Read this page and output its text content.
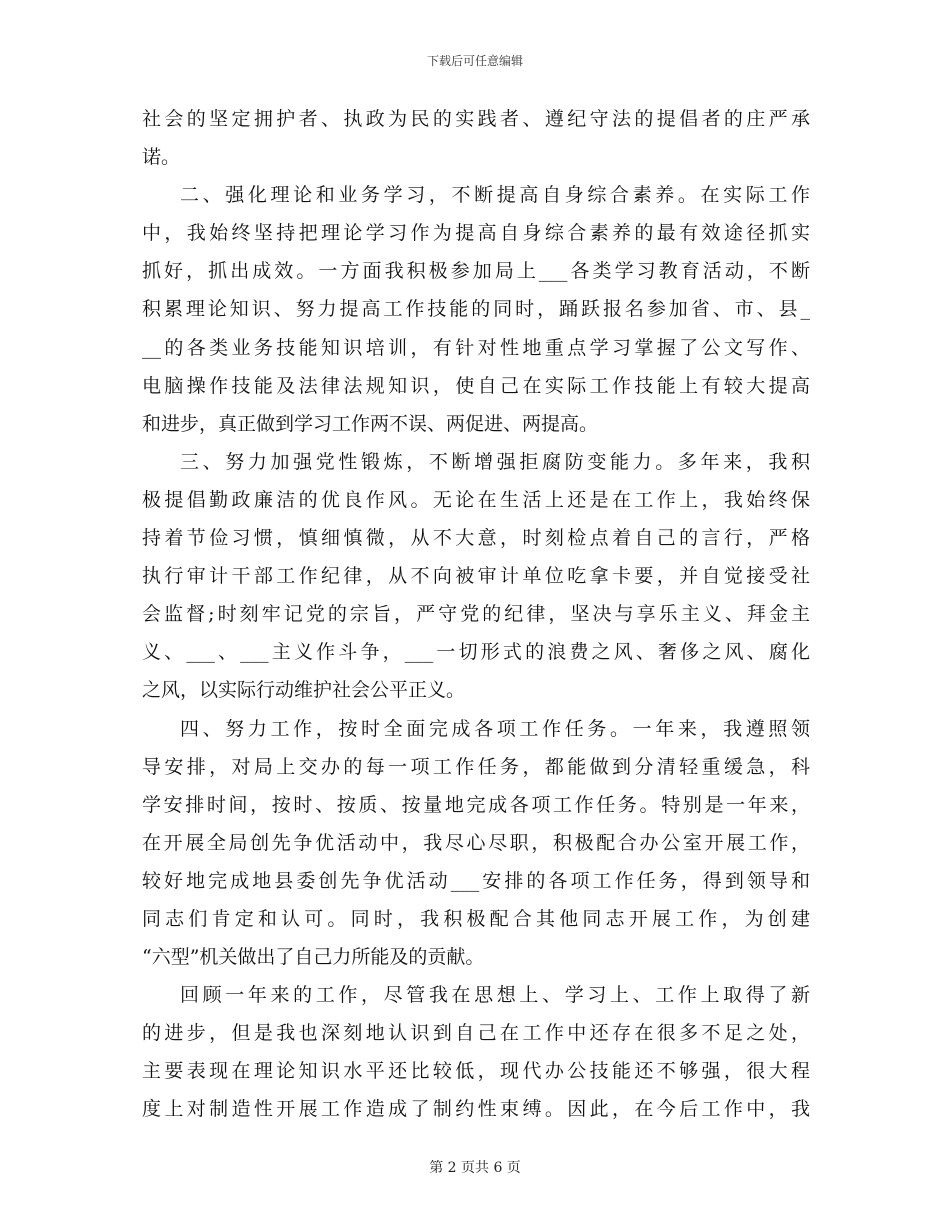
下载后可任意编辑
社会的坚定拥护者、执政为民的实践者、遵纪守法的提倡者的庄严承
诺。
二、强化理论和业务学习，不断提高自身综合素养。在实际工作
中，我始终坚持把理论学习作为提高自身综合素养的最有效途径抓实
抓好，抓出成效。一方面我积极参加局上___各类学习教育活动，不断
积累理论知识、努力提高工作技能的同时，踊跃报名参加省、市、县_
__的各类业务技能知识培训，有针对性地重点学习掌握了公文写作、
电脑操作技能及法律法规知识，使自己在实际工作技能上有较大提高
和进步，真正做到学习工作两不误、两促进、两提高。
三、努力加强党性锻炼，不断增强拒腐防变能力。多年来，我积
极提倡勤政廉洁的优良作风。无论在生活上还是在工作上，我始终保
持着节俭习惯，慎细慎微，从不大意，时刻检点着自己的言行，严格
执行审计干部工作纪律，从不向被审计单位吃拿卡要，并自觉接受社
会监督;时刻牢记党的宗旨，严守党的纪律，坚决与享乐主义、拜金主
义、___、___主义作斗争，___一切形式的浪费之风、奢侈之风、腐化
之风，以实际行动维护社会公平正义。
四、努力工作，按时全面完成各项工作任务。一年来，我遵照领
导安排，对局上交办的每一项工作任务，都能做到分清轻重缓急，科
学安排时间，按时、按质、按量地完成各项工作任务。特别是一年来，
在开展全局创先争优活动中，我尽心尽职，积极配合办公室开展工作，
较好地完成地县委创先争优活动___安排的各项工作任务，得到领导和
同志们肯定和认可。同时，我积极配合其他同志开展工作，为创建
“六型”机关做出了自己力所能及的贡献。
回顾一年来的工作，尽管我在思想上、学习上、工作上取得了新
的进步，但是我也深刻地认识到自己在工作中还存在很多不足之处，
主要表现在理论知识水平还比较低，现代办公技能还不够强，很大程
度上对制造性开展工作造成了制约性束缚。因此，在今后工作中，我
第 2 页共 6 页
